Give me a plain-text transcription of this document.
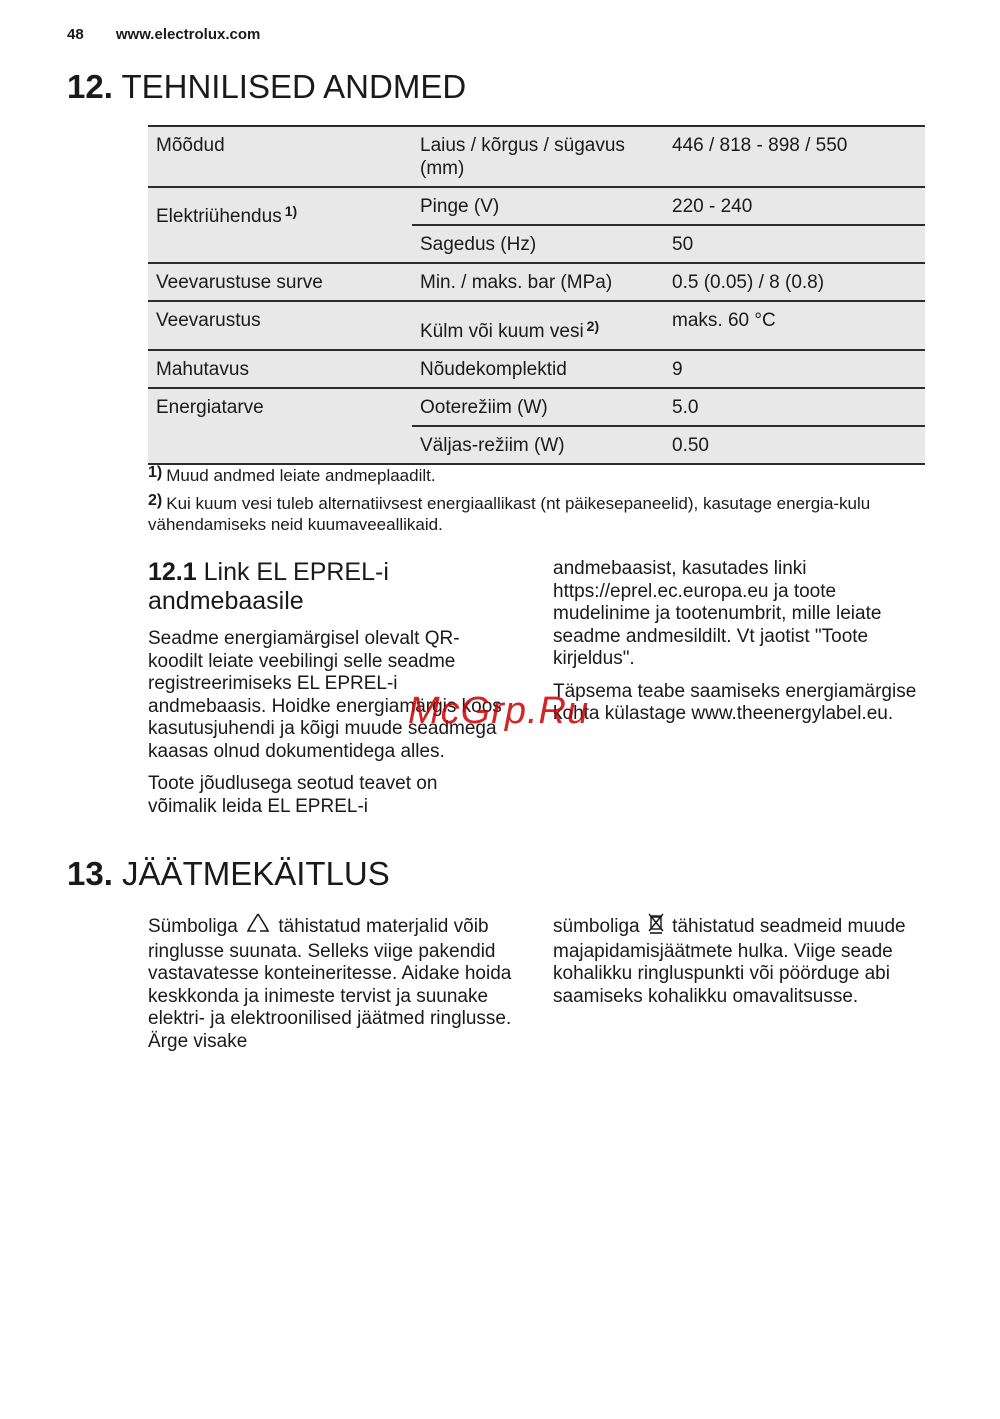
48 www.electrolux.com
12. TEHNILISED ANDMED
Mõõdud	Laius / kõrgus / sügavus (mm)	446 / 818 - 898 / 550
Elektriühendus $^{1)}$	Pinge (V)	220 - 240
	Sagedus (Hz)	50
Veevarustuse surve	Min. / maks. bar (MPa)	0.5 (0.05) / 8 (0.8)
Veevarustus	Külm või kuum vesi $^{2)}$	maks. 60 °C
Mahutavus	Nõudekomplektid	9
Energiatarve	Ooterežiim (W)	5.0
	Väljas-režiim (W)	0.50
1) Muud andmed leiate andmeplaadilt.
2) Kui kuum vesi tuleb alternatiivsest energiaallikast (nt päikesepaneelid), kasutage energia-kulu vähendamiseks neid kuumaveeallikaid.
12.1 Link EL EPREL-i andmebaasile

Seadme energiamärgisel olevalt QR-koodilt leiate veebilingi selle seadme registreerimiseks EL EPREL-i andmebaasis. Hoidke energiamärgis koos kasutusjuhendi ja kõigi muude seadmega kaasas olnud dokumentidega alles.

Toote jõudlusega seotud teavet on võimalik leida EL EPREL-i

andmebaasist, kasutades linki https://eprel.ec.europa.eu ja toote mudelinime ja tootenumbrit, mille leiate seadme andmesildilt. Vt jaotist "Toote kirjeldus".

Täpsema teabe saamiseks energiamärgise kohta külastage www.theenergylabel.eu.

13. JÄÄTMEKÄITLUS

Sümboliga tähistatud materjalid võib ringlusse suunata. Selleks viige pakendid vastavatesse konteineritesse. Aidake hoida keskkonda ja inimeste tervist ja suunake elektri- ja elektroonilised jäätmed ringlusse. Ärge visake

sümboliga tähistatud seadmeid muude majapidamisjäätmete hulka. Viige seade kohalikku ringluspunkti või pöörduge abi saamiseks kohalikku omavalitsusse.

McGrp.Ru
